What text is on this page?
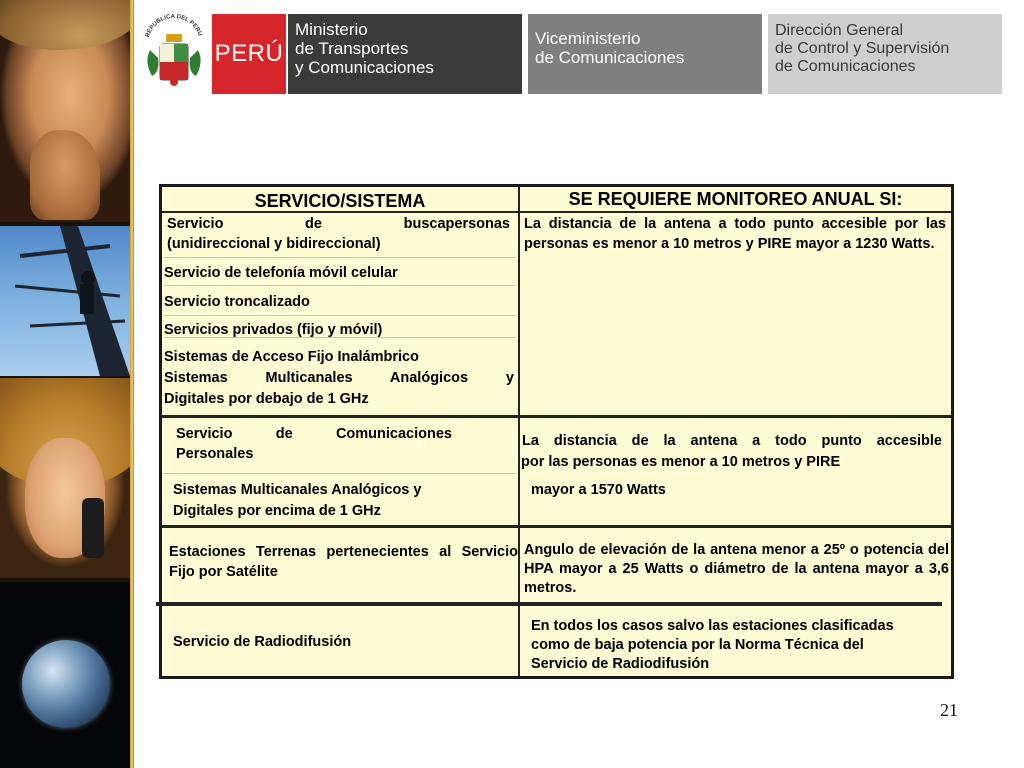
REPUBLICA DEL PERU
PERÚ
Ministerio
de Transportes
y Comunicaciones
Viceministerio
de Comunicaciones
Dirección General
de Control y Supervisión
de Comunicaciones
SERVICIO/SISTEMA	SE REQUIERE MONITOREO ANUAL SI:
Servicio de buscapersonas
(unidireccional y bidireccional)
Servicio de telefonía móvil celular
Servicio troncalizado
Servicios privados (fijo y móvil)
Sistemas de Acceso Fijo Inalámbrico
Sistemas Multicanales Analógicos y
Digitales por debajo de 1 GHz
La distancia de la antena a todo punto accesible por las personas es menor a 10 metros y PIRE mayor a 1230 Watts.
Servicio de Comunicaciones
Personales
Sistemas Multicanales Analógicos y
Digitales por encima de 1 GHz
La distancia de la antena a todo punto accesible
por las personas es menor a 10 metros y PIRE
mayor a 1570 Watts
Estaciones Terrenas pertenecientes al Servicio Fijo por Satélite
Angulo de elevación de la antena menor a 25º o potencia del HPA mayor a 25 Watts o diámetro de la antena mayor a 3,6 metros.
Servicio de Radiodifusión
En todos los casos salvo las estaciones clasificadas
como de baja potencia por la Norma Técnica del
Servicio de Radiodifusión
21
